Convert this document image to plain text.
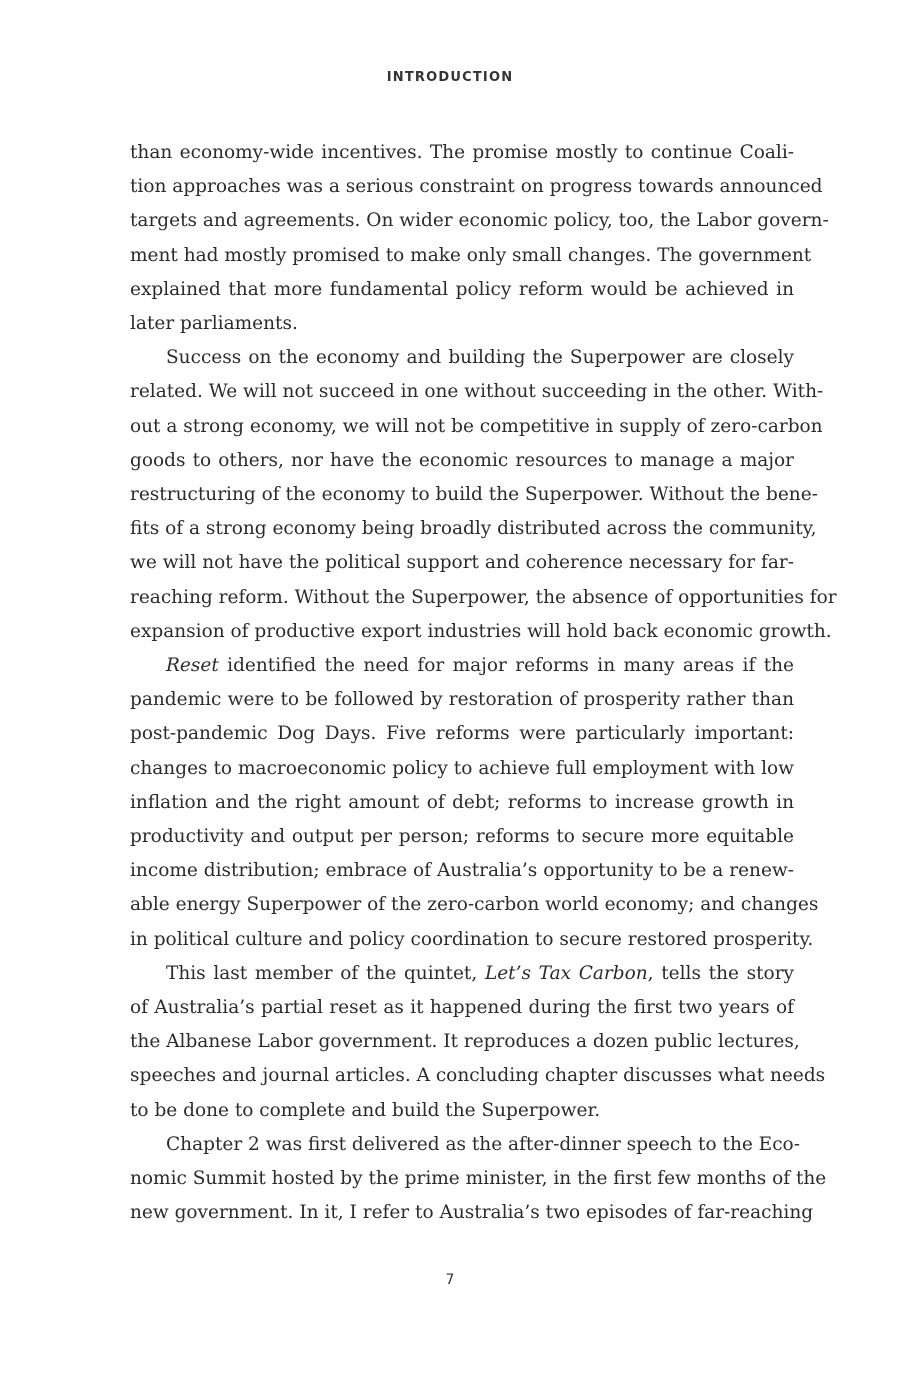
INTRODUCTION
than economy-wide incentives. The promise mostly to continue Coali-
tion approaches was a serious constraint on progress towards announced
targets and agreements. On wider economic policy, too, the Labor govern-
ment had mostly promised to make only small changes. The government
explained that more fundamental policy reform would be achieved in
later parliaments.
Success on the economy and building the Superpower are closely
related. We will not succeed in one without succeeding in the other. With-
out a strong economy, we will not be competitive in supply of zero-carbon
goods to others, nor have the economic resources to manage a major
restructuring of the economy to build the Superpower. Without the bene-
fits of a strong economy being broadly distributed across the community,
we will not have the political support and coherence necessary for far-
reaching reform. Without the Superpower, the absence of opportunities for
expansion of productive export industries will hold back economic growth.
Reset identified the need for major reforms in many areas if the
pandemic were to be followed by restoration of prosperity rather than
post-pandemic Dog Days. Five reforms were particularly important:
changes to macroeconomic policy to achieve full employment with low
inflation and the right amount of debt; reforms to increase growth in
productivity and output per person; reforms to secure more equitable
income distribution; embrace of Australia’s opportunity to be a renew-
able energy Superpower of the zero-carbon world economy; and changes
in political culture and policy coordination to secure restored prosperity.
This last member of the quintet, Let’s Tax Carbon, tells the story
of Australia’s partial reset as it happened during the first two years of
the Albanese Labor government. It reproduces a dozen public lectures,
speeches and journal articles. A concluding chapter discusses what needs
to be done to complete and build the Superpower.
Chapter 2 was first delivered as the after-dinner speech to the Eco-
nomic Summit hosted by the prime minister, in the first few months of the
new government. In it, I refer to Australia’s two episodes of far-reaching
7
